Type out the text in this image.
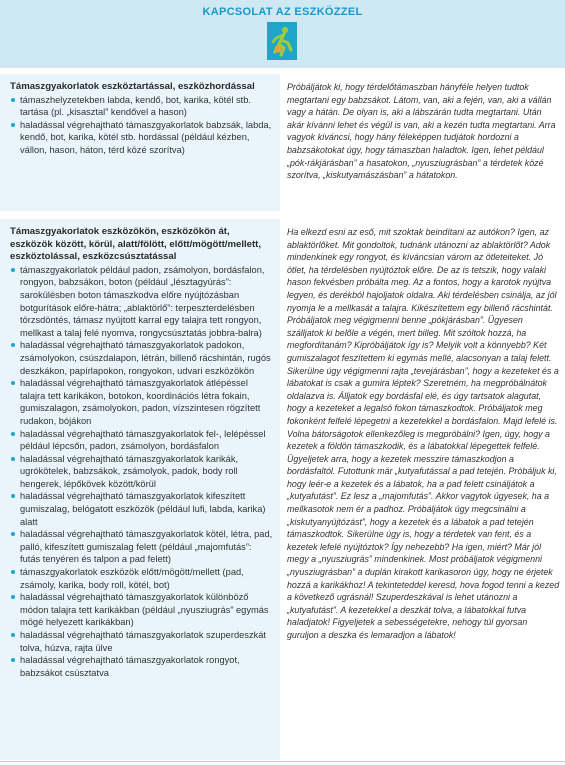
KAPCSOLAT AZ ESZKÖZZEL
Támaszgyakorlatok eszköztartással, eszközhordással
támaszhelyzetekben labda, kendő, bot, karika, kötél stb. tartása (pl. „kisasztal” kendővel a hason)
haladással végrehajtható támaszgyakorlatok babzsák, labda, kendő, bot, karika, kötél stb. hordással (például kézben, vállon, hason, háton, térd közé szorítva)

Próbáljátok ki, hogy térdelőtámaszban hányféle helyen tudtok megtartani egy babzsákot. Látom, van, aki a fején, van, aki a vállán vagy a hátán. De olyan is, aki a lábszárán tudta megtartani. Után akár kívánni lehet és végül is van, aki a kezén tudta megtartani. Arra vagyok kíváncsi, hogy hány féleképpen tudjátok hordozni a babzsákotokat úgy, hogy támaszban haladtok. Igen, lehet például „pók-rákjárásban” a hasatokon, „nyusziugrásban” a térdetek közé szorítva, „kiskutyamászásban” a hátatokon.

Támaszgyakorlatok eszközökön, eszközökön át, eszközök között, körül, alatt/fölött, előtt/mögött/mellett, eszköztolással, eszközcsúsztatással
támaszgyakorlatok például padon, zsámolyon, bordásfalon, rongyon, babzsákon, boton (például „lésztagyúrás”: sarokülésben boton támaszkodva előre nyújtózásban botgurítások előre-hátra; „ablaktörlő”: terpeszterdelésben törzsdöntés, támasz nyújtott karral egy talajra tett rongyon, mellkast a talaj felé nyomva, rongycsúsztatás jobbra-balra)
haladással végrehajtható támaszgyakorlatok padokon, zsámolyokon, csúszdalapon, létrán, billenő rácshintán, rugós deszkákon, papírlapokon, rongyokon, udvari eszközökön
haladással végrehajtható támaszgyakorlatok átlépéssel talajra tett karikákon, botokon, koordinációs létra fokain, gumiszalagon, zsámolyokon, padon, vízszintesen rögzített rudakon, bójákon
haladással végrehajtható támaszgyakorlatok fel-, lelépéssel például lépcsőn, padon, zsámolyon, bordásfalon
haladással végrehajtható támaszgyakorlatok karikák, ugrókötelek, babzsákok, zsámolyok, padok, body roll hengerek, lépőkövek között/körül
haladással végrehajtható támaszgyakorlatok kifeszített gumiszalag, belógatott eszközök (például lufi, labda, karika) alatt
haladással végrehajtható támaszgyakorlatok kötél, létra, pad, palló, kifeszített gumiszalag felett (például „majomfutás”: futás tenyéren és talpon a pad felett)
támaszgyakorlatok eszközök előtt/mögött/mellett (pad, zsámoly, karika, body roll, kötél, bot)
haladással végrehajtható támaszgyakorlatok különböző módon talajra tett karikákban (például „nyusziugrás” egymás mögé helyezett karikákban)
haladással végrehajtható támaszgyakorlatok szuperdeszkát tolva, húzva, rajta ülve
haladással végrehajtható támaszgyakorlatok rongyot, babzsákot csúsztatva

Ha elkezd esni az eső, mit szoktak beindítani az autókon? Igen, az ablaktörlőket. Mit gondoltok, tudnánk utánozni az ablaktörlőt? Adok mindenkinek egy rongyot, és kíváncsian várom az ötleteiteket. Jó ötlet, ha térdelésben nyújtóztok előre. De az is tetszik, hogy valaki hason fekvésben próbálta meg. Az a fontos, hogy a karotok nyújtva legyen, és derékból hajoljatok oldalra. Aki térdelésben csinálja, az jól nyomja le a mellkasát a talajra. Kikészítettem egy billenő rácshintát. Próbáljatok meg végigmenni benne „pókjárásban”. Ügyesen szálljatok ki belőle a végén, mert billeg. Mit szóltok hozzá, ha megfordítanám? Kipróbáljátok így is? Melyik volt a könnyebb? Két gumiszalagot feszítettem ki egymás mellé, alacsonyan a talaj felett. Sikerülne úgy végigmenni rajta „tevejárásban”, hogy a kezeteket és a lábatokat is csak a gumira léptek? Szeretném, ha megpróbálnátok oldalazva is. Álljatok egy bordásfal elé, és úgy tartsatok alagutat, hogy a kezeteket a legalsó fokon támaszkodtok. Próbáljatok meg fokonként felfelé lépegetni a kezetekkel a bordásfalon. Majd lefelé is. Volna bátorságotok ellenkezőleg is megpróbálni? Igen, úgy, hogy a kezetek a földön támaszkodik, és a lábatokkal lépegettek felfelé. Ügyeljetek arra, hogy a kezetek messzire támaszkodjon a bordásfaltól. Futottunk már „kutyafutással a pad tetején. Próbáljuk ki, hogy leér-e a kezetek és a lábatok, ha a pad felett csináljátok a „kutyafutást”. Ez lesz a „majomfutás”. Akkor vagytok ügyesek, ha a mellkasotok nem ér a padhoz. Próbáljátok úgy megcsinálni a „kiskutyanyújtózást”, hogy a kezetek és a lábatok a pad tetején támaszkodtok. Sikerülne úgy is, hogy a térdetek van fent, és a kezetek lefelé nyújtóztok? Így nehezebb? Ha igen, miért? Már jól megy a „nyusziugrás” mindenkinek. Most próbáljatok végigmenni „nyusziugrásban” a duplán kirakott karikasoron úgy, hogy ne érjetek hozzá a karikákhoz! A tekinteteddel keresd, hova fogod tenni a kezed a következő ugrásnál! Szuperdeszkával is lehet utánozni a „kutyafutást”. A kezetekkel a deszkát tolva, a lábatokkal futva haladjatok! Figyeljetek a sebességetekre, nehogy túl gyorsan guruljon a deszka és lemaradjon a lábatok!
